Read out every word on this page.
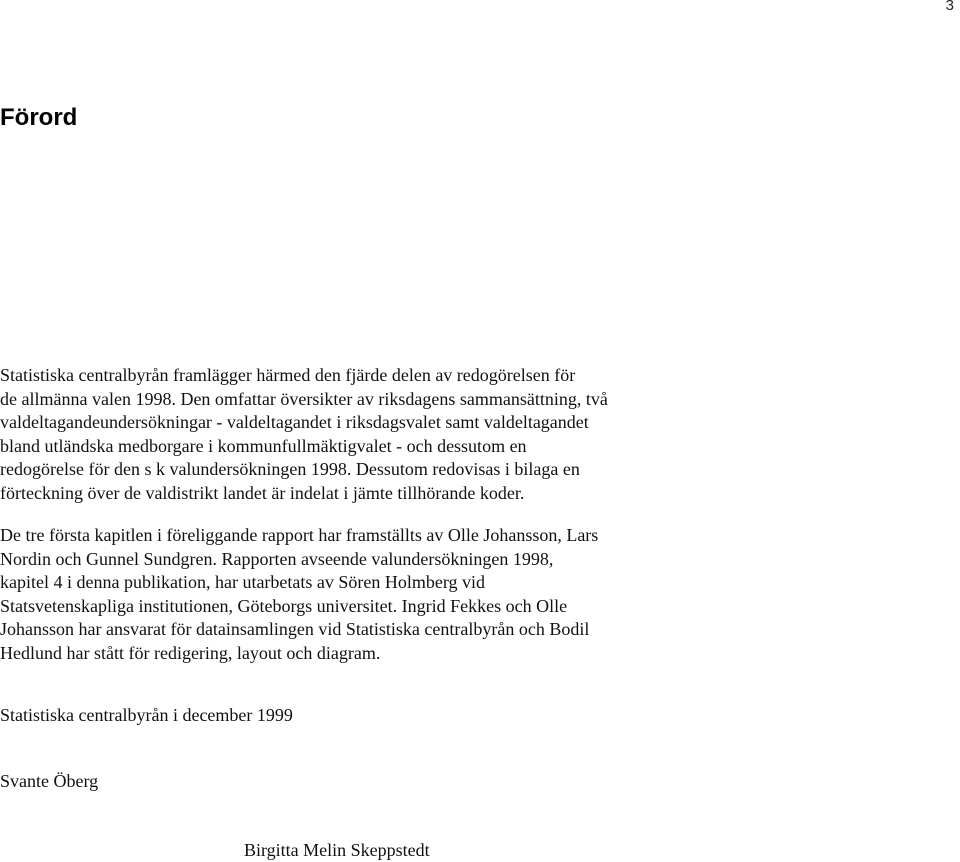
3
Förord
Statistiska centralbyrån framlägger härmed den fjärde delen av redogörelsen för
de allmänna valen 1998. Den omfattar översikter av riksdagens sammansättning, två
valdeltagandeundersökningar - valdeltagandet i riksdagsvalet samt valdeltagandet
bland utländska medborgare i kommunfullmäktigvalet - och dessutom en
redogörelse för den s k valundersökningen 1998. Dessutom redovisas i bilaga en
förteckning över de valdistrikt landet är indelat i jämte tillhörande koder.
De tre första kapitlen i föreliggande rapport har framställts av Olle Johansson, Lars
Nordin och Gunnel Sundgren. Rapporten avseende valundersökningen 1998,
kapitel 4 i denna publikation, har utarbetats av Sören Holmberg vid
Statsvetenskapliga institutionen, Göteborgs universitet. Ingrid Fekkes och Olle
Johansson har ansvarat för datainsamlingen vid Statistiska centralbyrån och Bodil
Hedlund har stått för redigering, layout och diagram.

Statistiska centralbyrån i december 1999

Svante Öberg

Birgitta Melin Skeppstedt
